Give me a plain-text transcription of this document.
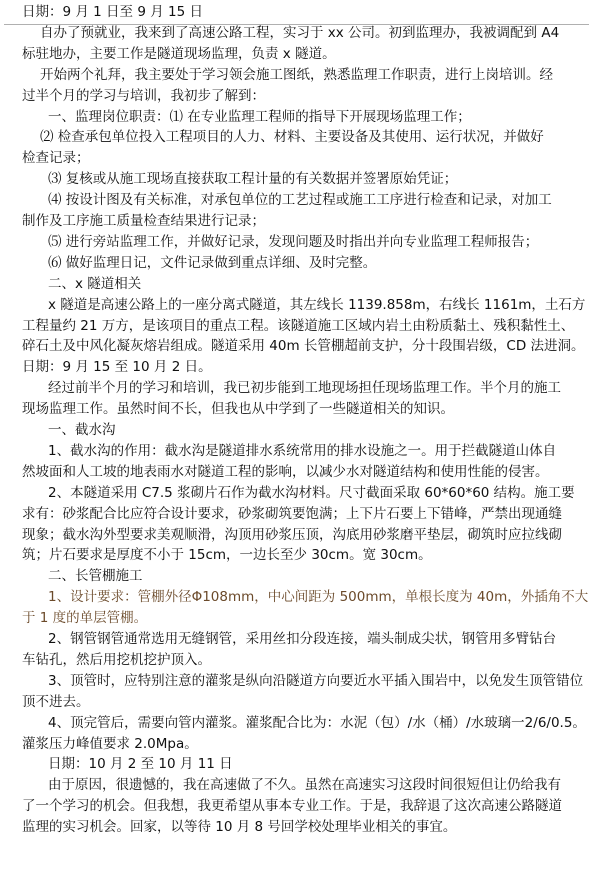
日期：9 月 1 日至 9 月 15 日
自办了预就业，我来到了高速公路工程，实习于 xx 公司。初到监理办，我被调配到 A4
标驻地办，主要工作是隧道现场监理，负责 x 隧道。
开始两个礼拜，我主要处于学习领会施工图纸，熟悉监理工作职责，进行上岗培训。经
过半个月的学习与培训，我初步了解到：
一、监理岗位职责：⑴ 在专业监理工程师的指导下开展现场监理工作；
⑵ 检查承包单位投入工程项目的人力、材料、主要设备及其使用、运行状况，并做好
检查记录；
⑶ 复核或从施工现场直接获取工程计量的有关数据并签署原始凭证；
⑷ 按设计图及有关标准，对承包单位的工艺过程或施工工序进行检查和记录，对加工
制作及工序施工质量检查结果进行记录；
⑸ 进行旁站监理工作，并做好记录，发现问题及时指出并向专业监理工程师报告；
⑹ 做好监理日记，文件记录做到重点详细、及时完整。
二、x 隧道相关
x 隧道是高速公路上的一座分离式隧道，其左线长 1139.858m，右线长 1161m，土石方
工程量约 21 万方，是该项目的重点工程。该隧道施工区域内岩土由粉质黏土、残积黏性土、
碎石土及中风化凝灰熔岩组成。隧道采用 40m 长管棚超前支护，分十段围岩级，CD 法进洞。
日期：9 月 15 至 10 月 2 日。
经过前半个月的学习和培训，我已初步能到工地现场担任现场监理工作。半个月的施工
现场监理工作。虽然时间不长，但我也从中学到了一些隧道相关的知识。
一、截水沟
1、截水沟的作用：截水沟是隧道排水系统常用的排水设施之一。用于拦截隧道山体自
然坡面和人工坡的地表雨水对隧道工程的影响，以减少水对隧道结构和使用性能的侵害。
2、本隧道采用 C7.5 浆砌片石作为截水沟材料。尺寸截面采取 60*60*60 结构。施工要
求有：砂浆配合比应符合设计要求，砂浆砌筑要饱满；上下片石要上下错峰，严禁出现通缝
现象；截水沟外型要求美观顺滑，沟顶用砂浆压顶，沟底用砂浆磨平垫层，砌筑时应拉线砌
筑；片石要求是厚度不小于 15cm，一边长至少 30cm。宽 30cm。
二、长管棚施工
1、设计要求：管棚外径Φ108mm，中心间距为 500mm，单根长度为 40m，外插角不大
于 1 度的单层管棚。
2、钢管钢管通常选用无缝钢管，采用丝扣分段连接，端头制成尖状，钢管用多臂钻台
车钻孔，然后用挖机挖护顶入。
3、顶管时，应特别注意的灌浆是纵向沿隧道方向要近水平插入围岩中，以免发生顶管错位
顶不进去。
4、顶完管后，需要向管内灌浆。灌浆配合比为：水泥（包）/水（桶）/水玻璃一2/6/0.5。
灌浆压力峰值要求 2.0Mpa。
日期：10 月 2 至 10 月 11 日
由于原因，很遗憾的，我在高速做了不久。虽然在高速实习这段时间很短但让仍给我有
了一个学习的机会。但我想，我更希望从事本专业工作。于是，我辞退了这次高速公路隧道
监理的实习机会。回家，以等待 10 月 8 号回学校处理毕业相关的事宜。
